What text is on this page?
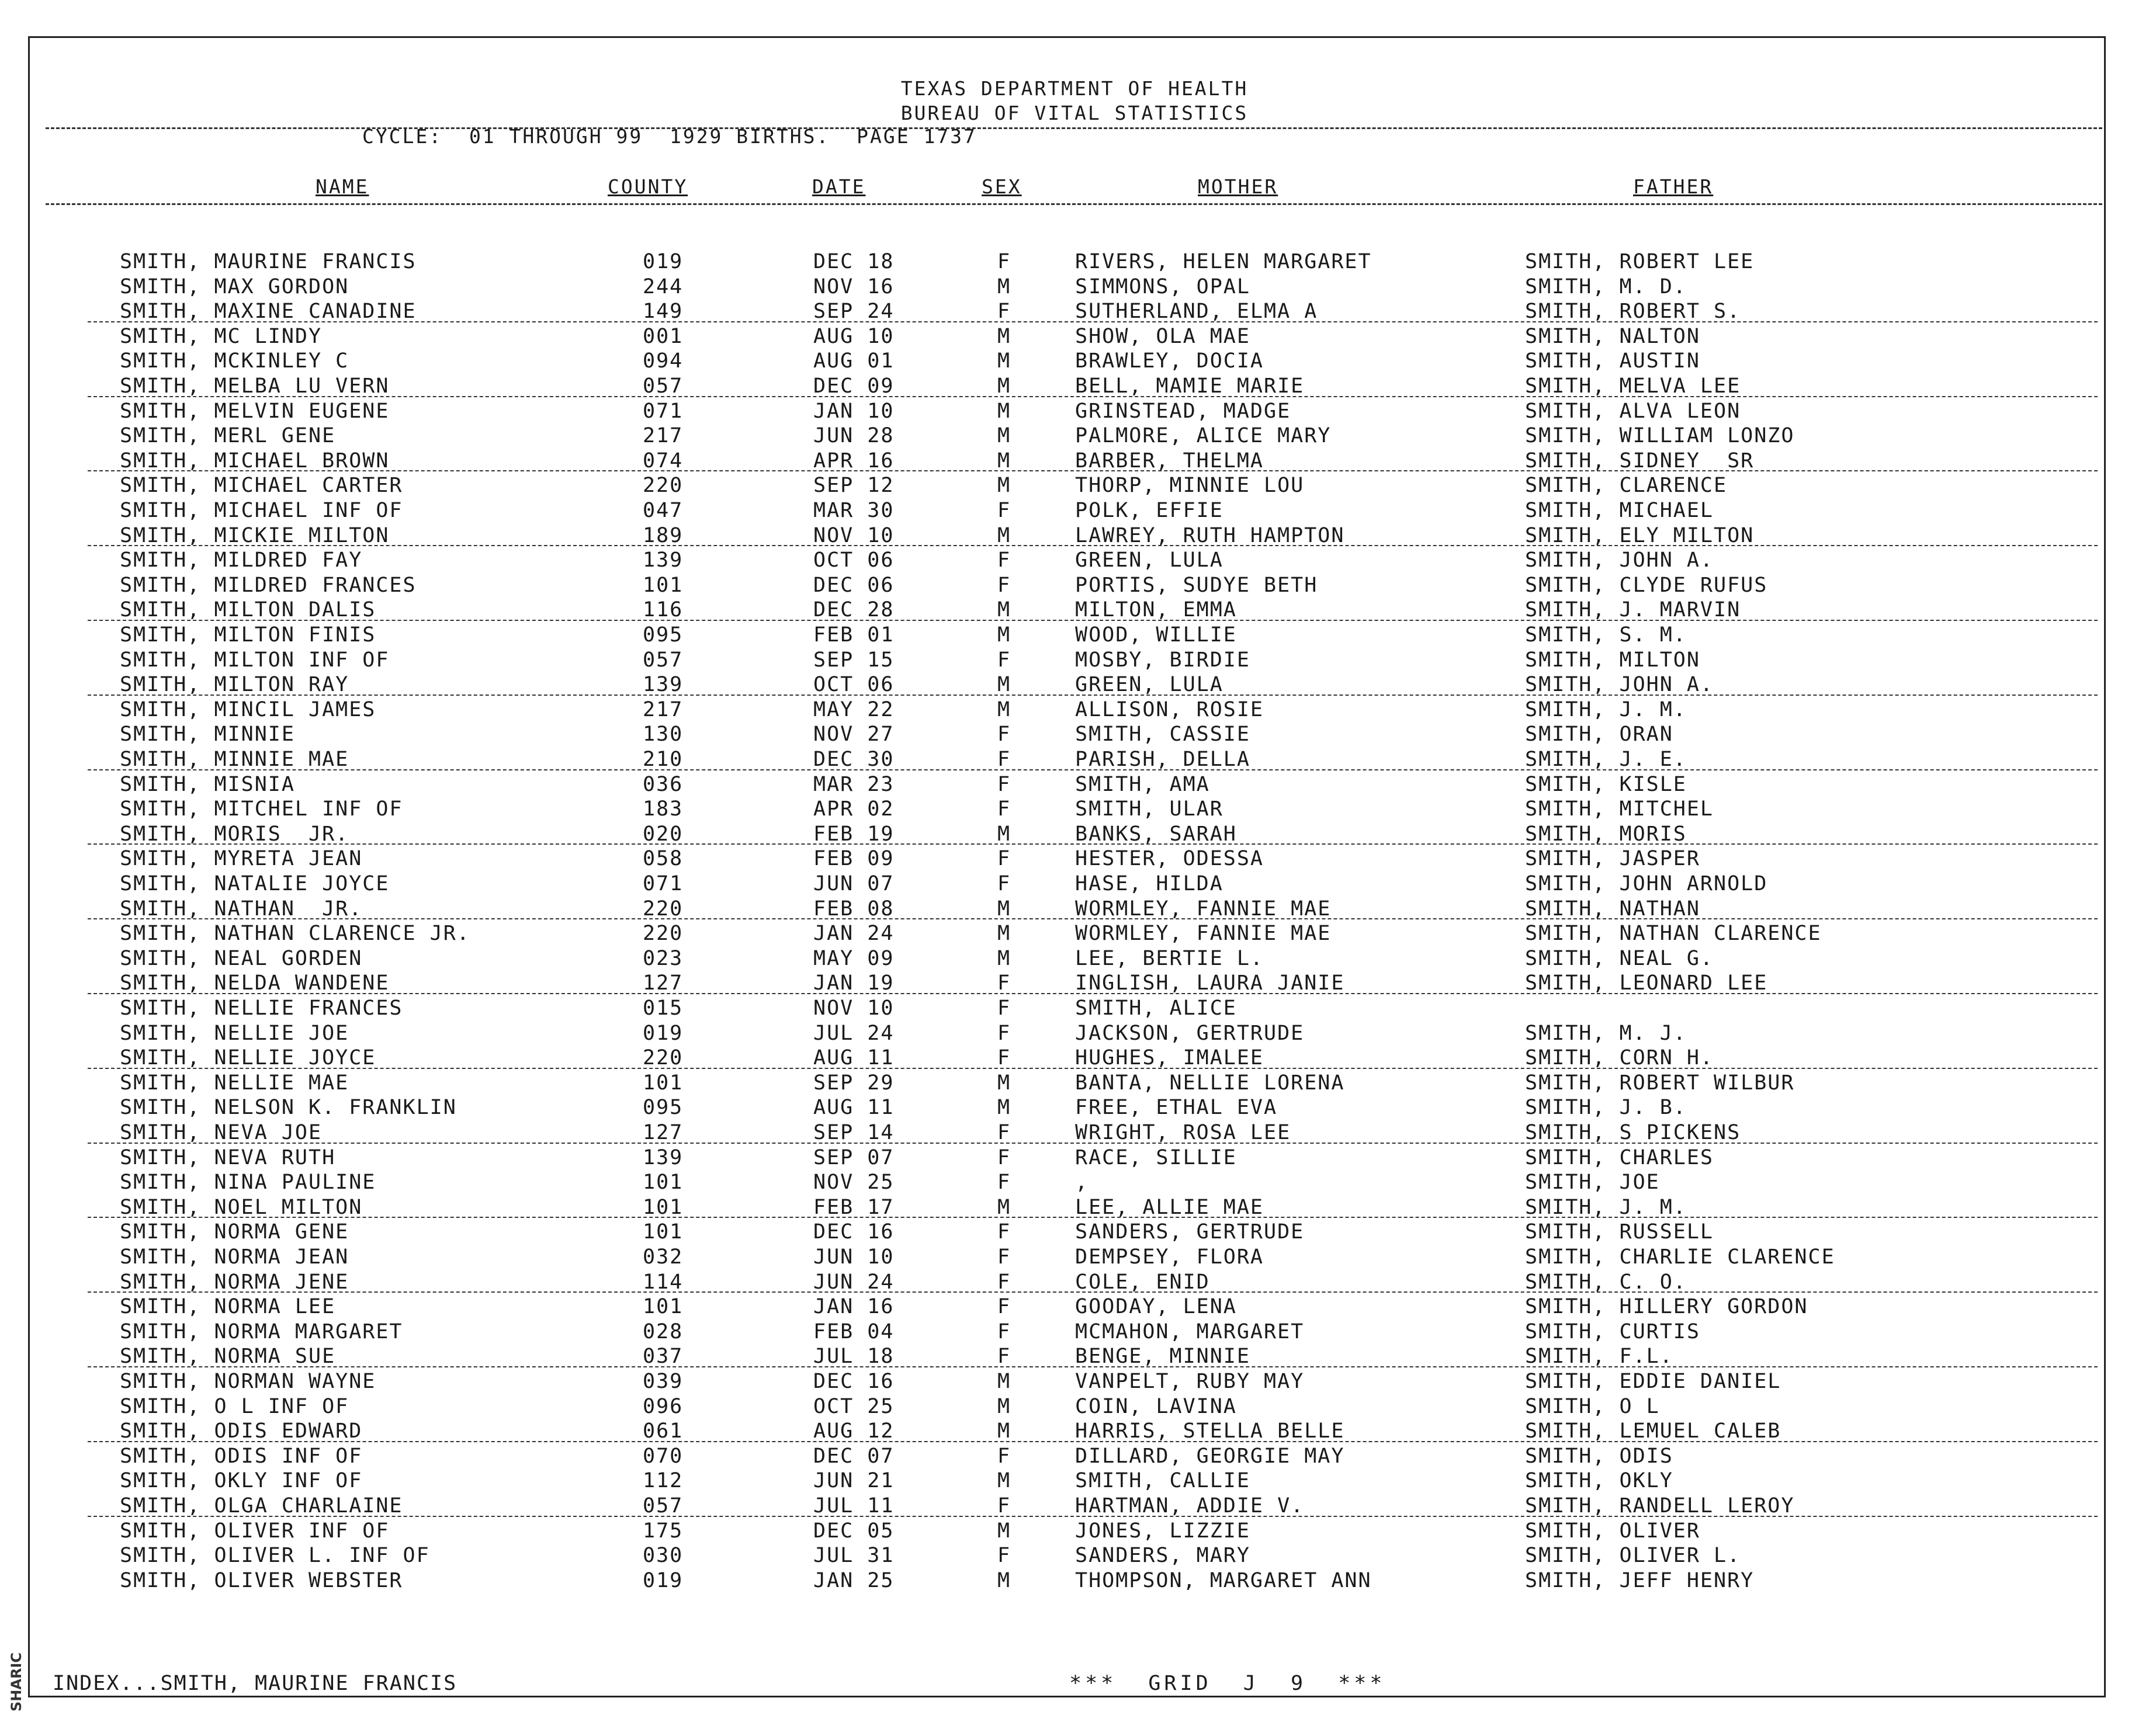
TEXAS DEPARTMENT OF HEALTH
BUREAU OF VITAL STATISTICS
CYCLE:  01 THROUGH 99  1929 BIRTHS.  PAGE 1737
NAME	COUNTY	DATE	SEX	MOTHER	FATHER
SMITH, MAURINE FRANCIS	019	DEC 18	F	RIVERS, HELEN MARGARET	SMITH, ROBERT LEE
SMITH, MAX GORDON	244	NOV 16	M	SIMMONS, OPAL	SMITH, M. D.
SMITH, MAXINE CANADINE	149	SEP 24	F	SUTHERLAND, ELMA A	SMITH, ROBERT S.
SMITH, MC LINDY	001	AUG 10	M	SHOW, OLA MAE	SMITH, NALTON
SMITH, MCKINLEY C	094	AUG 01	M	BRAWLEY, DOCIA	SMITH, AUSTIN
SMITH, MELBA LU VERN	057	DEC 09	M	BELL, MAMIE MARIE	SMITH, MELVA LEE
SMITH, MELVIN EUGENE	071	JAN 10	M	GRINSTEAD, MADGE	SMITH, ALVA LEON
SMITH, MERL GENE	217	JUN 28	M	PALMORE, ALICE MARY	SMITH, WILLIAM LONZO
SMITH, MICHAEL BROWN	074	APR 16	M	BARBER, THELMA	SMITH, SIDNEY  SR
SMITH, MICHAEL CARTER	220	SEP 12	M	THORP, MINNIE LOU	SMITH, CLARENCE
SMITH, MICHAEL INF OF	047	MAR 30	F	POLK, EFFIE	SMITH, MICHAEL
SMITH, MICKIE MILTON	189	NOV 10	M	LAWREY, RUTH HAMPTON	SMITH, ELY MILTON
SMITH, MILDRED FAY	139	OCT 06	F	GREEN, LULA	SMITH, JOHN A.
SMITH, MILDRED FRANCES	101	DEC 06	F	PORTIS, SUDYE BETH	SMITH, CLYDE RUFUS
SMITH, MILTON DALIS	116	DEC 28	M	MILTON, EMMA	SMITH, J. MARVIN
SMITH, MILTON FINIS	095	FEB 01	M	WOOD, WILLIE	SMITH, S. M.
SMITH, MILTON INF OF	057	SEP 15	F	MOSBY, BIRDIE	SMITH, MILTON
SMITH, MILTON RAY	139	OCT 06	M	GREEN, LULA	SMITH, JOHN A.
SMITH, MINCIL JAMES	217	MAY 22	M	ALLISON, ROSIE	SMITH, J. M.
SMITH, MINNIE	130	NOV 27	F	SMITH, CASSIE	SMITH, ORAN
SMITH, MINNIE MAE	210	DEC 30	F	PARISH, DELLA	SMITH, J. E.
SMITH, MISNIA	036	MAR 23	F	SMITH, AMA	SMITH, KISLE
SMITH, MITCHEL INF OF	183	APR 02	F	SMITH, ULAR	SMITH, MITCHEL
SMITH, MORIS  JR.	020	FEB 19	M	BANKS, SARAH	SMITH, MORIS
SMITH, MYRETA JEAN	058	FEB 09	F	HESTER, ODESSA	SMITH, JASPER
SMITH, NATALIE JOYCE	071	JUN 07	F	HASE, HILDA	SMITH, JOHN ARNOLD
SMITH, NATHAN  JR.	220	FEB 08	M	WORMLEY, FANNIE MAE	SMITH, NATHAN
SMITH, NATHAN CLARENCE JR.	220	JAN 24	M	WORMLEY, FANNIE MAE	SMITH, NATHAN CLARENCE
SMITH, NEAL GORDEN	023	MAY 09	M	LEE, BERTIE L.	SMITH, NEAL G.
SMITH, NELDA WANDENE	127	JAN 19	F	INGLISH, LAURA JANIE	SMITH, LEONARD LEE
SMITH, NELLIE FRANCES	015	NOV 10	F	SMITH, ALICE
SMITH, NELLIE JOE	019	JUL 24	F	JACKSON, GERTRUDE	SMITH, M. J.
SMITH, NELLIE JOYCE	220	AUG 11	F	HUGHES, IMALEE	SMITH, CORN H.
SMITH, NELLIE MAE	101	SEP 29	M	BANTA, NELLIE LORENA	SMITH, ROBERT WILBUR
SMITH, NELSON K. FRANKLIN	095	AUG 11	M	FREE, ETHAL EVA	SMITH, J. B.
SMITH, NEVA JOE	127	SEP 14	F	WRIGHT, ROSA LEE	SMITH, S PICKENS
SMITH, NEVA RUTH	139	SEP 07	F	RACE, SILLIE	SMITH, CHARLES
SMITH, NINA PAULINE	101	NOV 25	F	,	SMITH, JOE
SMITH, NOEL MILTON	101	FEB 17	M	LEE, ALLIE MAE	SMITH, J. M.
SMITH, NORMA GENE	101	DEC 16	F	SANDERS, GERTRUDE	SMITH, RUSSELL
SMITH, NORMA JEAN	032	JUN 10	F	DEMPSEY, FLORA	SMITH, CHARLIE CLARENCE
SMITH, NORMA JENE	114	JUN 24	F	COLE, ENID	SMITH, C. O.
SMITH, NORMA LEE	101	JAN 16	F	GOODAY, LENA	SMITH, HILLERY GORDON
SMITH, NORMA MARGARET	028	FEB 04	F	MCMAHON, MARGARET	SMITH, CURTIS
SMITH, NORMA SUE	037	JUL 18	F	BENGE, MINNIE	SMITH, F.L.
SMITH, NORMAN WAYNE	039	DEC 16	M	VANPELT, RUBY MAY	SMITH, EDDIE DANIEL
SMITH, O L INF OF	096	OCT 25	M	COIN, LAVINA	SMITH, O L
SMITH, ODIS EDWARD	061	AUG 12	M	HARRIS, STELLA BELLE	SMITH, LEMUEL CALEB
SMITH, ODIS INF OF	070	DEC 07	F	DILLARD, GEORGIE MAY	SMITH, ODIS
SMITH, OKLY INF OF	112	JUN 21	M	SMITH, CALLIE	SMITH, OKLY
SMITH, OLGA CHARLAINE	057	JUL 11	F	HARTMAN, ADDIE V.	SMITH, RANDELL LEROY
SMITH, OLIVER INF OF	175	DEC 05	M	JONES, LIZZIE	SMITH, OLIVER
SMITH, OLIVER L. INF OF	030	JUL 31	F	SANDERS, MARY	SMITH, OLIVER L.
SMITH, OLIVER WEBSTER	019	JAN 25	M	THOMPSON, MARGARET ANN	SMITH, JEFF HENRY
INDEX...SMITH, MAURINE FRANCIS	***  GRID  J  9  ***
SHARIC
